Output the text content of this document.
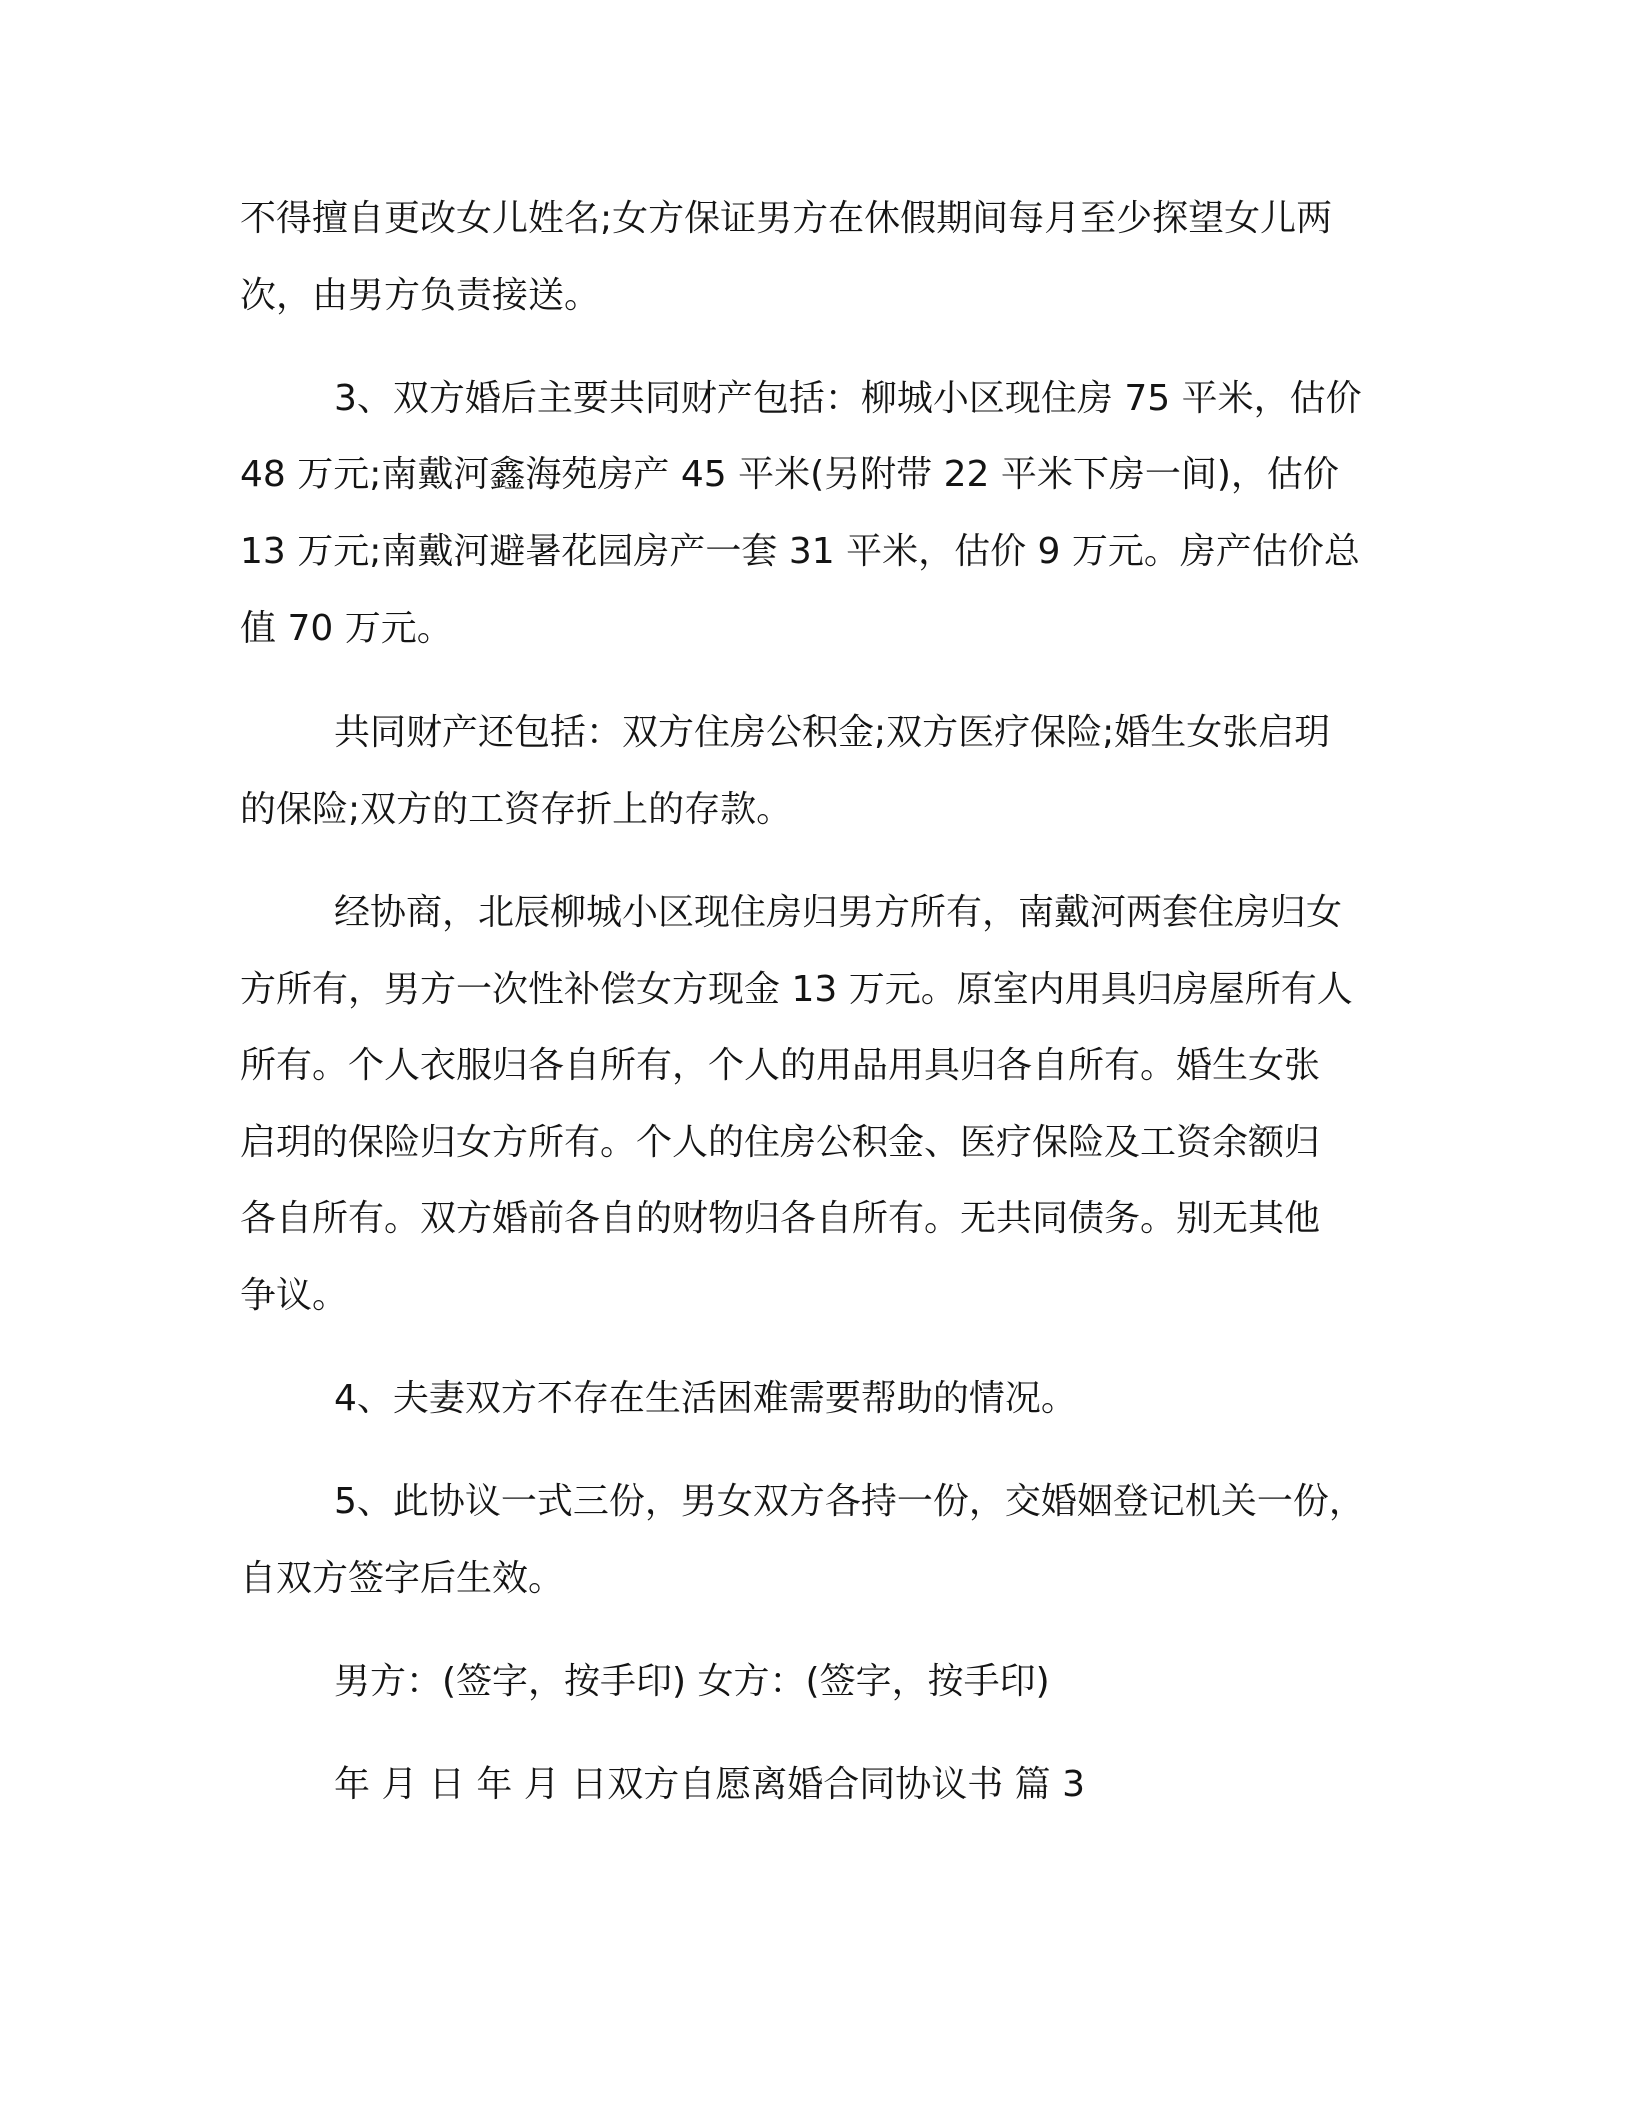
不得擅自更改女儿姓名;女方保证男方在休假期间每月至少探望女儿两
次，由男方负责接送。
3、双方婚后主要共同财产包括：柳城小区现住房 75 平米，估价
48 万元;南戴河鑫海苑房产 45 平米(另附带 22 平米下房一间)，估价
13 万元;南戴河避暑花园房产一套 31 平米，估价 9 万元。房产估价总
值 70 万元。
共同财产还包括：双方住房公积金;双方医疗保险;婚生女张启玥
的保险;双方的工资存折上的存款。
经协商，北辰柳城小区现住房归男方所有，南戴河两套住房归女
方所有，男方一次性补偿女方现金 13 万元。原室内用具归房屋所有人
所有。个人衣服归各自所有，个人的用品用具归各自所有。婚生女张
启玥的保险归女方所有。个人的住房公积金、医疗保险及工资余额归
各自所有。双方婚前各自的财物归各自所有。无共同债务。别无其他
争议。
4、夫妻双方不存在生活困难需要帮助的情况。
5、此协议一式三份，男女双方各持一份，交婚姻登记机关一份，
自双方签字后生效。
男方：(签字，按手印) 女方：(签字，按手印)
年 月 日 年 月 日双方自愿离婚合同协议书 篇 3
